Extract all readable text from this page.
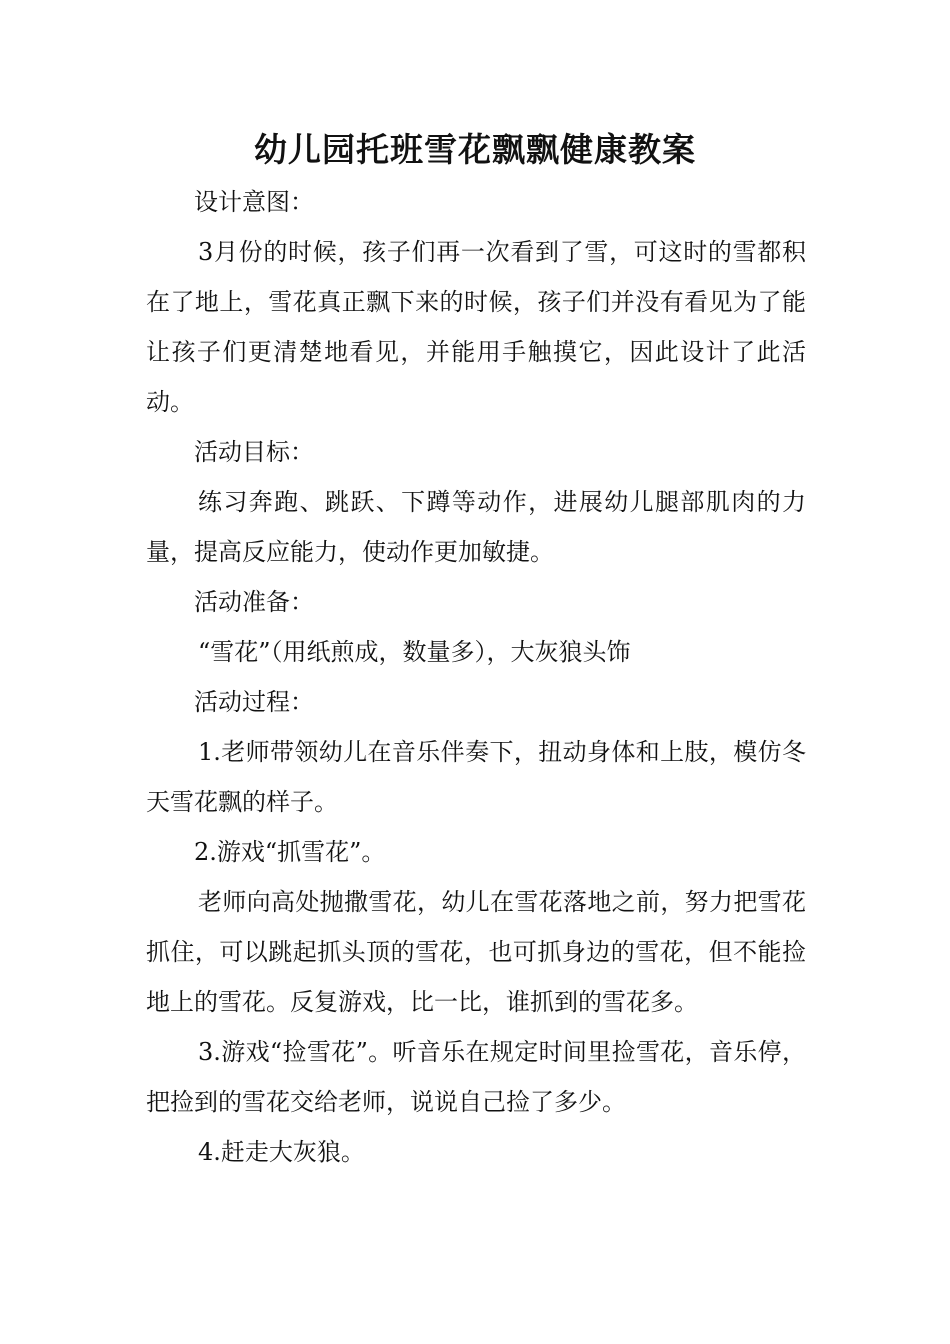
幼儿园托班雪花飘飘健康教案

设计意图：

3月份的时候，孩子们再一次看到了雪，可这时的雪都积在了地上，雪花真正飘下来的时候，孩子们并没有看见为了能让孩子们更清楚地看见，并能用手触摸它，因此设计了此活动。

活动目标：

练习奔跑、跳跃、下蹲等动作，进展幼儿腿部肌肉的力量，提高反应能力，使动作更加敏捷。

活动准备：

“雪花”（用纸煎成，数量多），大灰狼头饰

活动过程：

1.老师带领幼儿在音乐伴奏下，扭动身体和上肢，模仿冬天雪花飘的样子。

2.游戏“抓雪花”。

老师向高处抛撒雪花，幼儿在雪花落地之前，努力把雪花抓住，可以跳起抓头顶的雪花，也可抓身边的雪花，但不能捡地上的雪花。反复游戏，比一比，谁抓到的雪花多。

3.游戏“捡雪花”。听音乐在规定时间里捡雪花，音乐停，把捡到的雪花交给老师，说说自己捡了多少。

4.赶走大灰狼。
